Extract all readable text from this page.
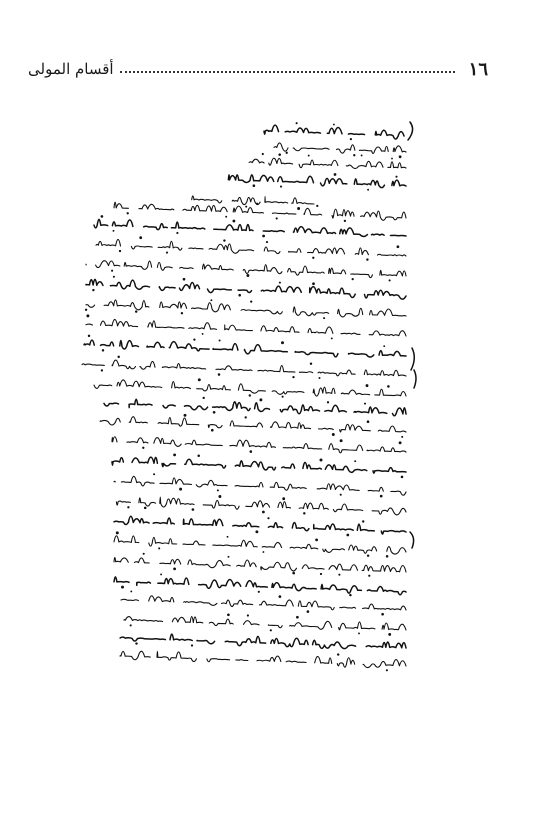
١٦
أقسام المولى
